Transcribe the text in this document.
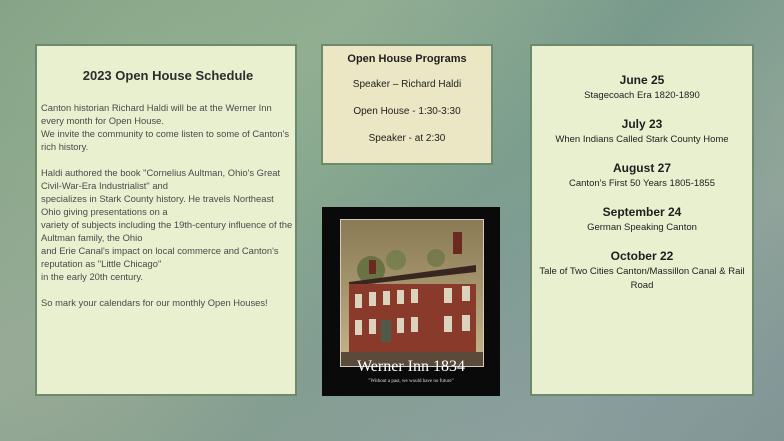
2023 Open House Schedule

Canton historian Richard Haldi will be at the Werner Inn every month for Open House.
We invite the community to come listen to some of Canton's rich history.

Haldi authored the book "Cornelius Aultman, Ohio's Great Civil-War-Era Industrialist" and
specializes in Stark County history. He travels Northeast Ohio giving presentations on a
variety of subjects including the 19th-century influence of the Aultman family, the Ohio
and Erie Canal's impact on local commerce and Canton's reputation as "Little Chicago"
in the early 20th century.

So mark your calendars for our monthly Open Houses!

Open House Programs

Speaker – Richard Haldi

Open House - 1:30-3:30

Speaker - at 2:30

Werner Inn 1834
"Without a past, we would have no future"
June 25
Stagecoach Era 1820-1890
July 23
When Indians Called Stark County Home
August 27
Canton's First 50 Years 1805-1855
September 24
German Speaking Canton
October 22
Tale of Two Cities Canton/Massillon Canal & Rail Road
